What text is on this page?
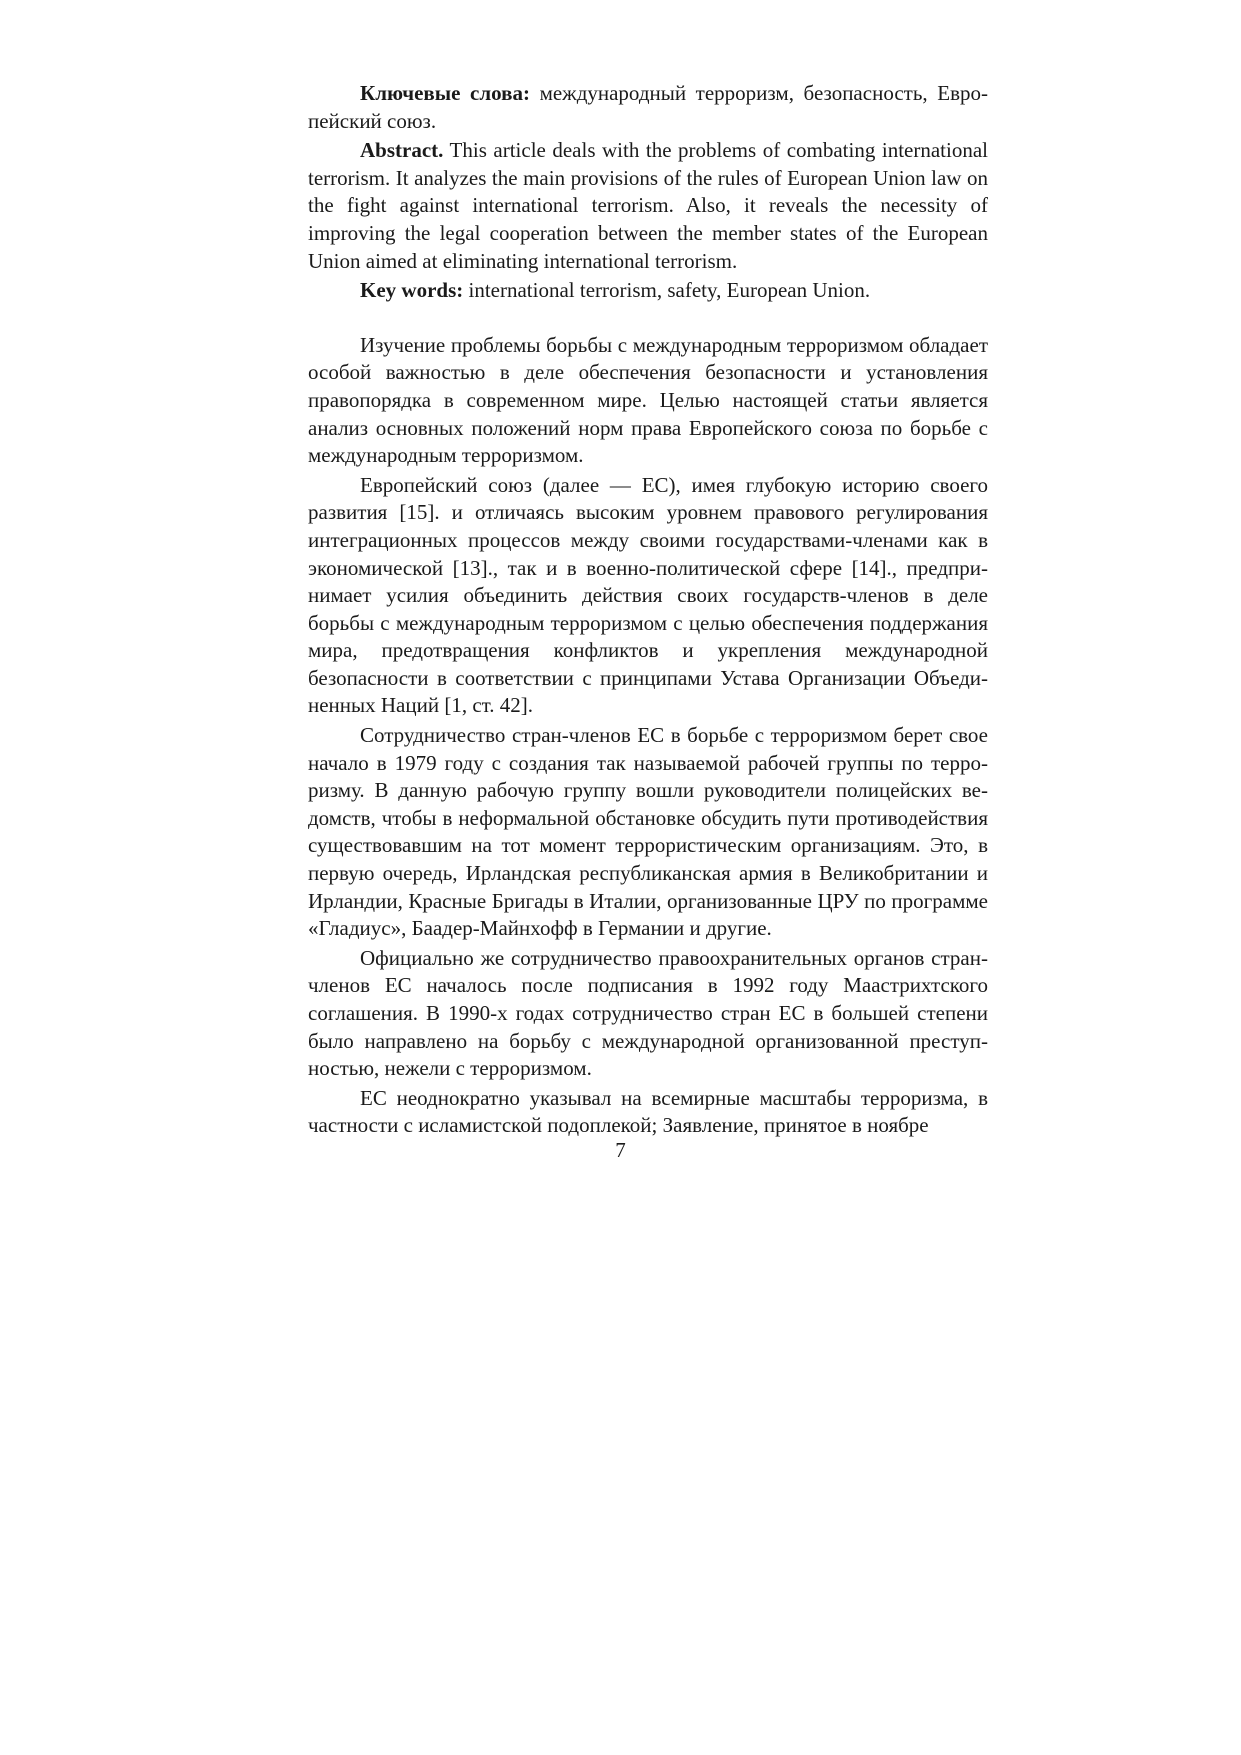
Ключевые слова: международный терроризм, безопасность, Европейский союз.

Abstract. This article deals with the problems of combating international terrorism. It analyzes the main provisions of the rules of European Union law on the fight against international terrorism. Also, it reveals the necessity of improving the legal cooperation between the member states of the European Union aimed at eliminating international terrorism.

Key words: international terrorism, safety, European Union.

Изучение проблемы борьбы с международным терроризмом обладает особой важностью в деле обеспечения безопасности и установления правопорядка в современном мире. Целью настоящей статьи является анализ основных положений норм права Европейского союза по борьбе с международным терроризмом.

Европейский союз (далее — ЕС), имея глубокую историю своего развития [15]. и отличаясь высоким уровнем правового регулирования интеграционных процессов между своими государствами-членами как в экономической [13]., так и в военно-политической сфере [14]., предпринимает усилия объединить действия своих государств-членов в деле борьбы с международным терроризмом с целью обеспечения поддержания мира, предотвращения конфликтов и укрепления международной безопасности в соответствии с принципами Устава Организации Объединенных Наций [1, ст. 42].

Сотрудничество стран-членов ЕС в борьбе с терроризмом берет свое начало в 1979 году с создания так называемой рабочей группы по терроризму. В данную рабочую группу вошли руководители полицейских ведомств, чтобы в неформальной обстановке обсудить пути противодействия существовавшим на тот момент террористическим организациям. Это, в первую очередь, Ирландская республиканская армия в Великобритании и Ирландии, Красные Бригады в Италии, организованные ЦРУ по программе «Гладиус», Баадер-Майнхофф в Германии и другие.

Официально же сотрудничество правоохранительных органов стран-членов ЕС началось после подписания в 1992 году Маастрихтского соглашения. В 1990-х годах сотрудничество стран ЕС в большей степени было направлено на борьбу с международной организованной преступностью, нежели с терроризмом.

ЕС неоднократно указывал на всемирные масштабы терроризма, в частности с исламистской подоплекой; Заявление, принятое в ноябре

7
